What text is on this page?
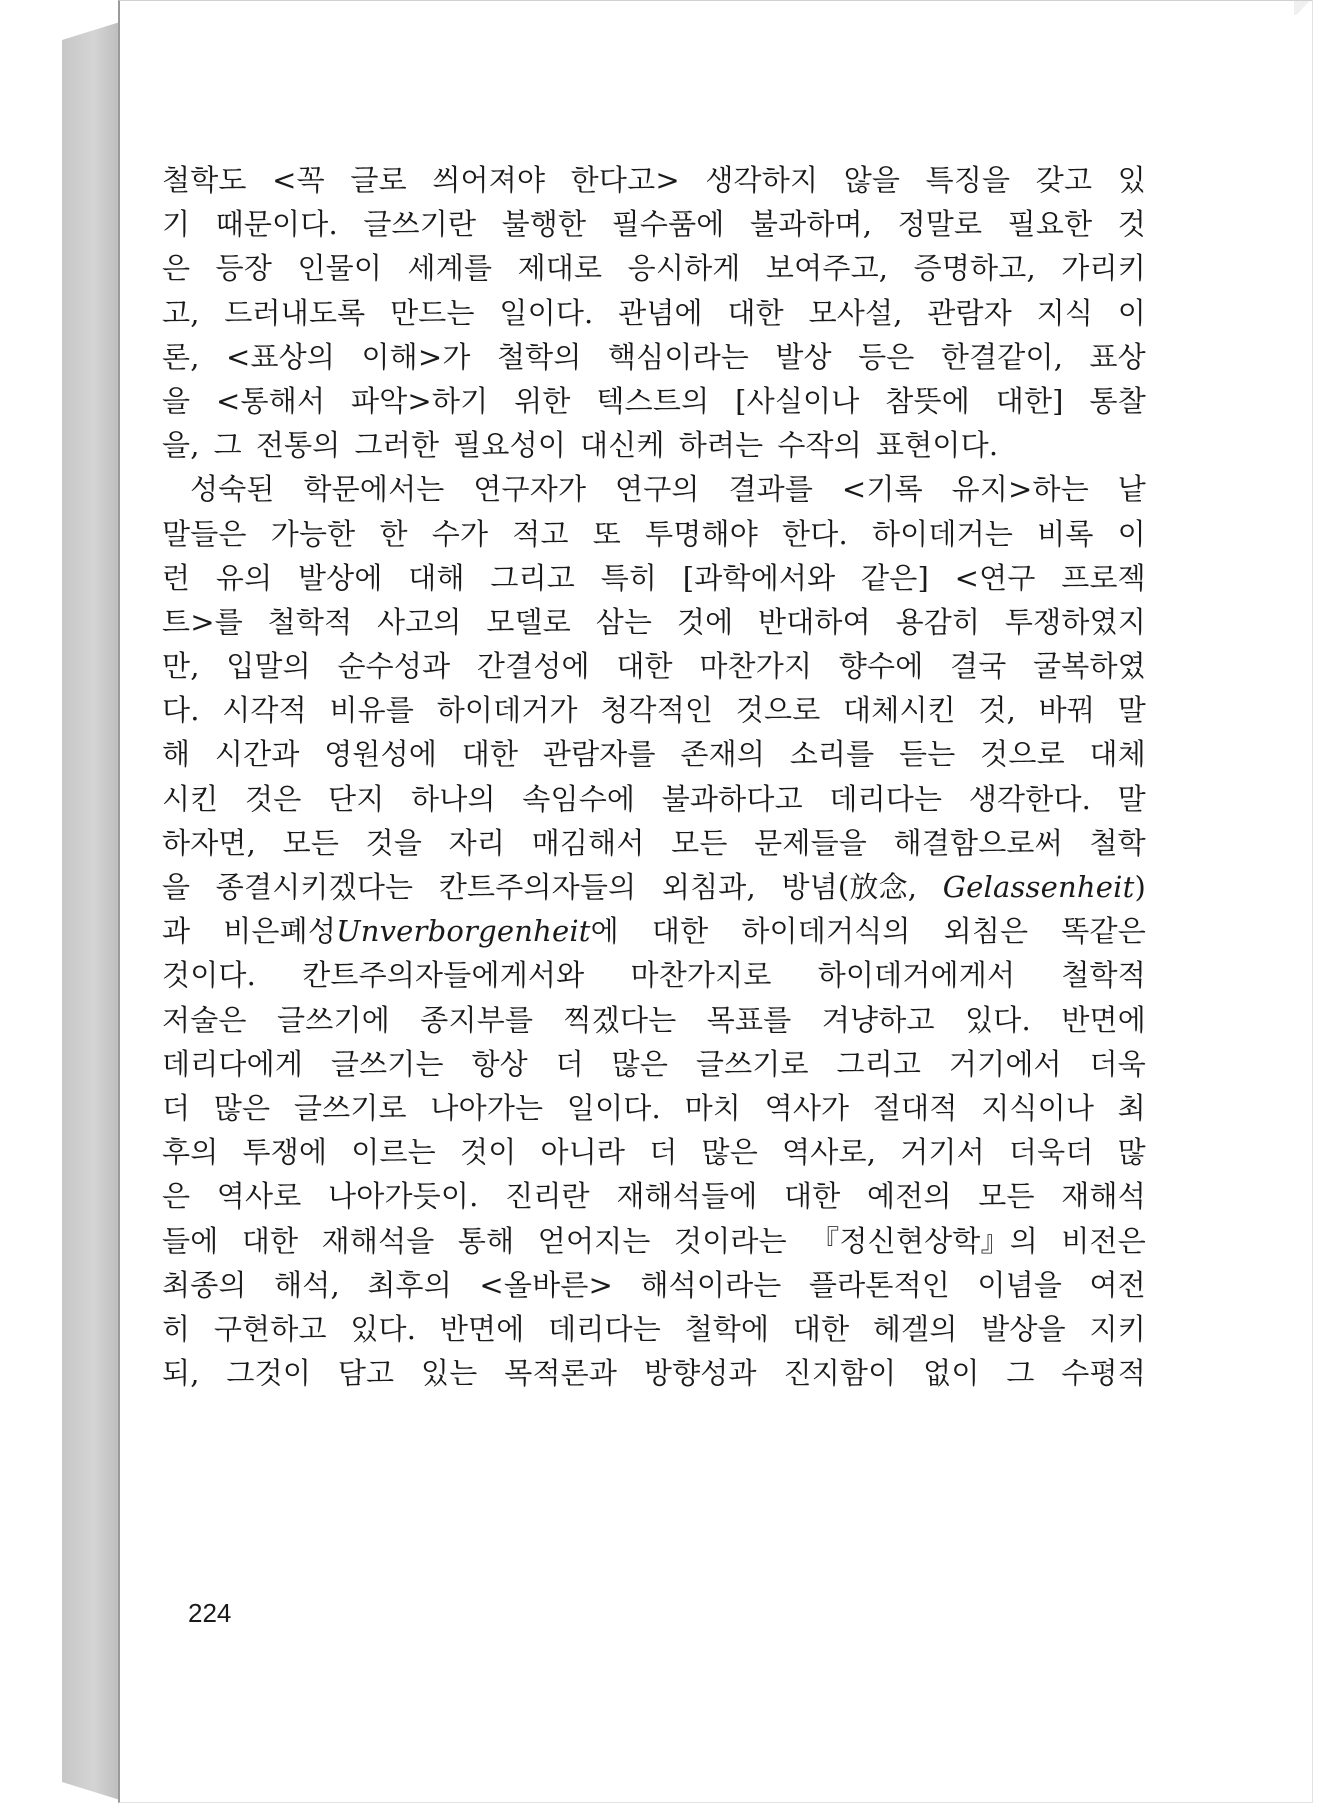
철학도 <꼭 글로 씌어져야 한다고> 생각하지 않을 특징을 갖고 있
기 때문이다. 글쓰기란 불행한 필수품에 불과하며, 정말로 필요한 것
은 등장 인물이 세계를 제대로 응시하게 보여주고, 증명하고, 가리키
고, 드러내도록 만드는 일이다. 관념에 대한 모사설, 관람자 지식 이
론, <표상의 이해>가 철학의 핵심이라는 발상 등은 한결같이, 표상
을 <통해서 파악>하기 위한 텍스트의 [사실이나 참뜻에 대한] 통찰
을, 그 전통의 그러한 필요성이 대신케 하려는 수작의 표현이다.
성숙된 학문에서는 연구자가 연구의 결과를 <기록 유지>하는 낱
말들은 가능한 한 수가 적고 또 투명해야 한다. 하이데거는 비록 이
런 유의 발상에 대해 그리고 특히 [과학에서와 같은] <연구 프로젝
트>를 철학적 사고의 모델로 삼는 것에 반대하여 용감히 투쟁하였지
만, 입말의 순수성과 간결성에 대한 마찬가지 향수에 결국 굴복하였
다. 시각적 비유를 하이데거가 청각적인 것으로 대체시킨 것, 바꿔 말
해 시간과 영원성에 대한 관람자를 존재의 소리를 듣는 것으로 대체
시킨 것은 단지 하나의 속임수에 불과하다고 데리다는 생각한다. 말
하자면, 모든 것을 자리 매김해서 모든 문제들을 해결함으로써 철학
을 종결시키겠다는 칸트주의자들의 외침과, 방념(放念, Gelassenheit)
과 비은폐성Unverborgenheit에 대한 하이데거식의 외침은 똑같은
것이다. 칸트주의자들에게서와 마찬가지로 하이데거에게서 철학적
저술은 글쓰기에 종지부를 찍겠다는 목표를 겨냥하고 있다. 반면에
데리다에게 글쓰기는 항상 더 많은 글쓰기로 그리고 거기에서 더욱
더 많은 글쓰기로 나아가는 일이다. 마치 역사가 절대적 지식이나 최
후의 투쟁에 이르는 것이 아니라 더 많은 역사로, 거기서 더욱더 많
은 역사로 나아가듯이. 진리란 재해석들에 대한 예전의 모든 재해석
들에 대한 재해석을 통해 얻어지는 것이라는 『정신현상학』의 비전은
최종의 해석, 최후의 <올바른> 해석이라는 플라톤적인 이념을 여전
히 구현하고 있다. 반면에 데리다는 철학에 대한 헤겔의 발상을 지키
되, 그것이 담고 있는 목적론과 방향성과 진지함이 없이 그 수평적
224
